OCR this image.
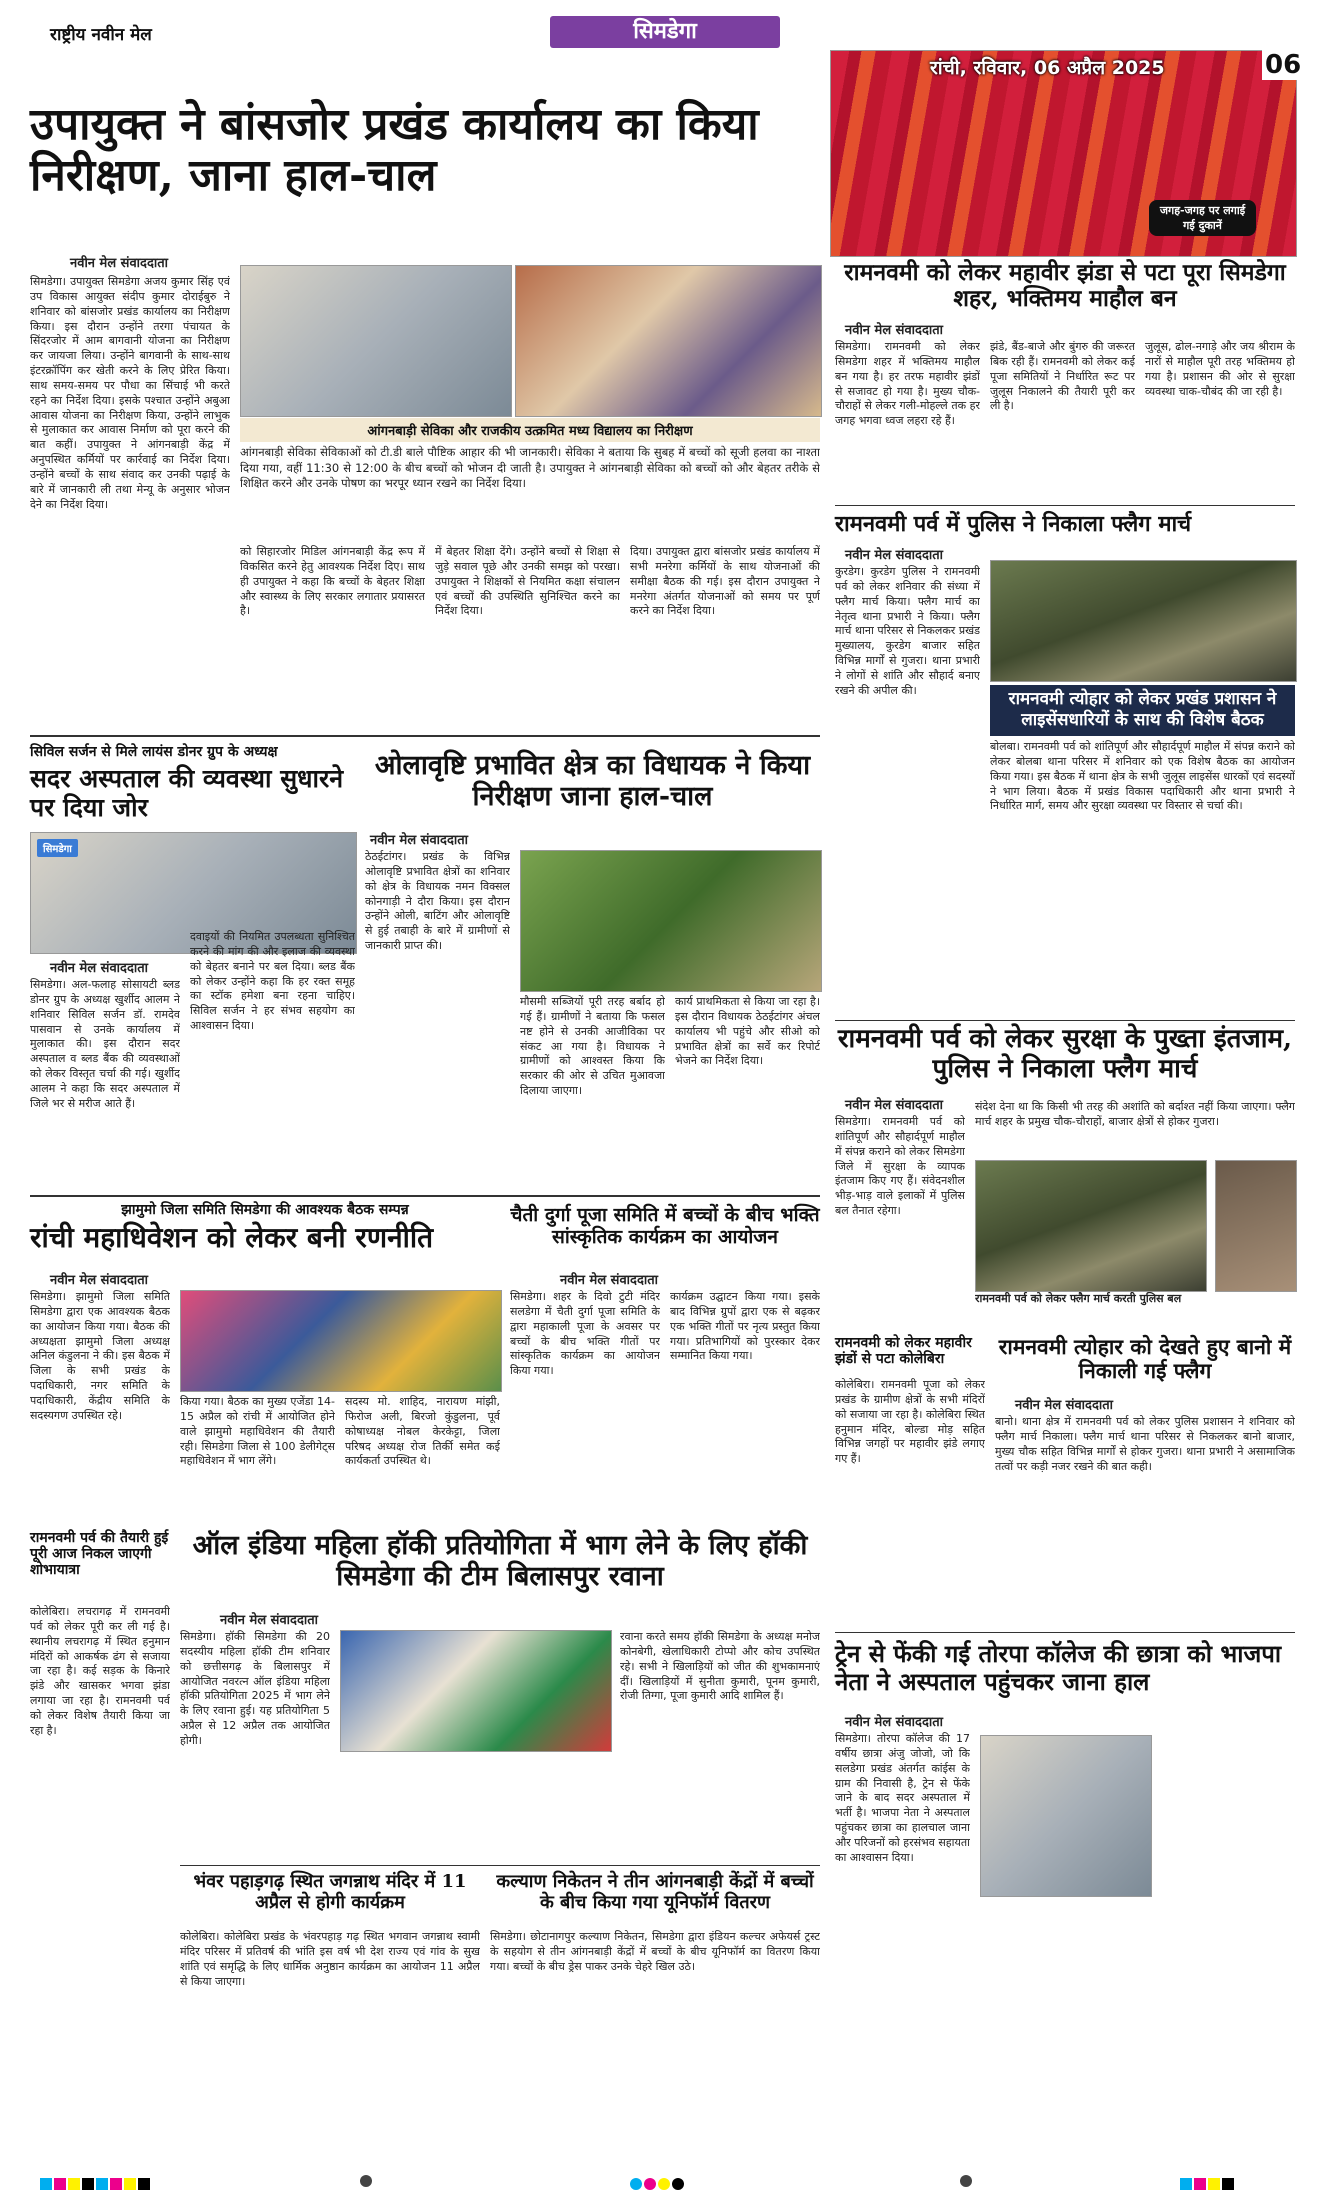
राष्ट्रीय नवीन मेल	सिमडेगा
जगह-जगह पर लगाई गई दुकानें
रांची, रविवार, 06 अप्रैल 2025	06
उपायुक्त ने बांसजोर प्रखंड कार्यालय का किया निरीक्षण, जाना हाल-चाल
नवीन मेल संवाददाता
सिमडेगा। उपायुक्त सिमडेगा अजय कुमार सिंह एवं उप विकास आयुक्त संदीप कुमार दोराईबुरु ने शनिवार को बांसजोर प्रखंड कार्यालय का निरीक्षण किया। इस दौरान उन्होंने तरगा पंचायत के सिंदरजोर में आम बागवानी योजना का निरीक्षण कर जायजा लिया। उन्होंने बागवानी के साथ-साथ इंटरक्रॉपिंग कर खेती करने के लिए प्रेरित किया। साथ समय-समय पर पौधा का सिंचाई भी करते रहने का निर्देश दिया। इसके पश्चात उन्होंने अबुआ आवास योजना का निरीक्षण किया, उन्होंने लाभुक से मुलाकात कर आवास निर्माण को पूरा करने की बात कहीं। उपायुक्त ने आंगनबाड़ी केंद्र में अनुपस्थित कर्मियों पर कार्रवाई का निर्देश दिया। उन्होंने बच्चों के साथ संवाद कर उनकी पढ़ाई के बारे में जानकारी ली तथा मेन्यू के अनुसार भोजन देने का निर्देश दिया।
आंगनबाड़ी सेविका और राजकीय उत्क्रमित मध्य विद्यालय का निरीक्षण
आंगनबाड़ी सेविका सेविकाओं को टी.डी बाले पौष्टिक आहार की भी जानकारी। सेविका ने बताया कि सुबह में बच्चों को सूजी हलवा का नाश्ता दिया गया, वहीं 11:30 से 12:00 के बीच बच्चों को भोजन दी जाती है। उपायुक्त ने आंगनबाड़ी सेविका को बच्चों को और बेहतर तरीके से शिक्षित करने और उनके पोषण का भरपूर ध्यान रखने का निर्देश दिया।
को सिहारजोर मिडिल आंगनबाड़ी केंद्र रूप में विकसित करने हेतु आवश्यक निर्देश दिए। साथ ही उपायुक्त ने कहा कि बच्चों के बेहतर शिक्षा और स्वास्थ्य के लिए सरकार लगातार प्रयासरत है।
में बेहतर शिक्षा देंगे। उन्होंने बच्चों से शिक्षा से जुड़े सवाल पूछे और उनकी समझ को परखा। उपायुक्त ने शिक्षकों से नियमित कक्षा संचालन एवं बच्चों की उपस्थिति सुनिश्चित करने का निर्देश दिया।
दिया। उपायुक्त द्वारा बांसजोर प्रखंड कार्यालय में सभी मनरेगा कर्मियों के साथ योजनाओं की समीक्षा बैठक की गई। इस दौरान उपायुक्त ने मनरेगा अंतर्गत योजनाओं को समय पर पूर्ण करने का निर्देश दिया।
सिविल सर्जन से मिले लायंस डोनर ग्रुप के अध्यक्ष
सदर अस्पताल की व्यवस्था सुधारने पर दिया जोर
सिमडेगा
नवीन मेल संवाददाता
सिमडेगा। अल-फलाह सोसायटी ब्लड डोनर ग्रुप के अध्यक्ष खुर्शीद आलम ने शनिवार सिविल सर्जन डॉ. रामदेव पासवान से उनके कार्यालय में मुलाकात की। इस दौरान सदर अस्पताल व ब्लड बैंक की व्यवस्थाओं को लेकर विस्तृत चर्चा की गई। खुर्शीद आलम ने कहा कि सदर अस्पताल में जिले भर से मरीज आते हैं।
दवाइयों की नियमित उपलब्धता सुनिश्चित करने की मांग की और इलाज की व्यवस्था को बेहतर बनाने पर बल दिया। ब्लड बैंक को लेकर उन्होंने कहा कि हर रक्त समूह का स्टॉक हमेशा बना रहना चाहिए। सिविल सर्जन ने हर संभव सहयोग का आश्वासन दिया।
ओलावृष्टि प्रभावित क्षेत्र का विधायक ने किया निरीक्षण जाना हाल-चाल
नवीन मेल संवाददाता
ठेठईटांगर। प्रखंड के विभिन्न ओलावृष्टि प्रभावित क्षेत्रों का शनिवार को क्षेत्र के विधायक नमन विक्सल कोनगाड़ी ने दौरा किया। इस दौरान उन्होंने ओली, बाटिंग और ओलावृष्टि से हुई तबाही के बारे में ग्रामीणों से जानकारी प्राप्त की।
मौसमी सब्जियों पूरी तरह बर्बाद हो गई हैं। ग्रामीणों ने बताया कि फसल नष्ट होने से उनकी आजीविका पर संकट आ गया है। विधायक ने ग्रामीणों को आश्वस्त किया कि सरकार की ओर से उचित मुआवजा दिलाया जाएगा।
कार्य प्राथमिकता से किया जा रहा है। इस दौरान विधायक ठेठईटांगर अंचल कार्यालय भी पहुंचे और सीओ को प्रभावित क्षेत्रों का सर्वे कर रिपोर्ट भेजने का निर्देश दिया।
झामुमो जिला समिति सिमडेगा की आवश्यक बैठक सम्पन्न
रांची महाधिवेशन को लेकर बनी रणनीति
नवीन मेल संवाददाता
सिमडेगा। झामुमो जिला समिति सिमडेगा द्वारा एक आवश्यक बैठक का आयोजन किया गया। बैठक की अध्यक्षता झामुमो जिला अध्यक्ष अनिल कंडुलना ने की। इस बैठक में जिला के सभी प्रखंड के पदाधिकारी, नगर समिति के पदाधिकारी, केंद्रीय समिति के सदस्यगण उपस्थित रहे।
किया गया। बैठक का मुख्य एजेंडा 14-15 अप्रैल को रांची में आयोजित होने वाले झामुमो महाधिवेशन की तैयारी रही। सिमडेगा जिला से 100 डेलीगेट्स महाधिवेशन में भाग लेंगे।
सदस्य मो. शाहिद, नारायण मांझी, फिरोज अली, बिरजो कुंडुलना, पूर्व कोषाध्यक्ष नोबल केरकेट्टा, जिला परिषद अध्यक्ष रोज तिर्की समेत कई कार्यकर्ता उपस्थित थे।
चैती दुर्गा पूजा समिति में बच्चों के बीच भक्ति सांस्कृतिक कार्यक्रम का आयोजन
नवीन मेल संवाददाता
सिमडेगा। शहर के दिवो टुटी मंदिर सलडेगा में चैती दुर्गा पूजा समिति के द्वारा महाकाली पूजा के अवसर पर बच्चों के बीच भक्ति गीतों पर सांस्कृतिक कार्यक्रम का आयोजन किया गया।
कार्यक्रम उद्घाटन किया गया। इसके बाद विभिन्न ग्रुपों द्वारा एक से बढ़कर एक भक्ति गीतों पर नृत्य प्रस्तुत किया गया। प्रतिभागियों को पुरस्कार देकर सम्मानित किया गया।
रामनवमी पर्व की तैयारी हुई पूरी आज निकल जाएगी शोभायात्रा
कोलेबिरा। लचरागढ़ में रामनवमी पर्व को लेकर पूरी कर ली गई है। स्थानीय लचरागढ़ में स्थित हनुमान मंदिरों को आकर्षक ढंग से सजाया जा रहा है। कई सड़क के किनारे झंडे और खासकर भगवा झंडा लगाया जा रहा है। रामनवमी पर्व को लेकर विशेष तैयारी किया जा रहा है।
ऑल इंडिया महिला हॉकी प्रतियोगिता में भाग लेने के लिए हॉकी सिमडेगा की टीम बिलासपुर रवाना
नवीन मेल संवाददाता
सिमडेगा। हॉकी सिमडेगा की 20 सदस्यीय महिला हॉकी टीम शनिवार को छत्तीसगढ़ के बिलासपुर में आयोजित नवरत्न ऑल इंडिया महिला हॉकी प्रतियोगिता 2025 में भाग लेने के लिए रवाना हुई। यह प्रतियोगिता 5 अप्रैल से 12 अप्रैल तक आयोजित होगी।
रवाना करते समय हॉकी सिमडेगा के अध्यक्ष मनोज कोनबेगी, खेलाधिकारी टोप्पो और कोच उपस्थित रहे। सभी ने खिलाड़ियों को जीत की शुभकामनाएं दीं। खिलाड़ियों में सुनीता कुमारी, पूनम कुमारी, रोजी तिग्गा, पूजा कुमारी आदि शामिल हैं।
भंवर पहाड़गढ़ स्थित जगन्नाथ मंदिर में 11 अप्रैल से होगी कार्यक्रम
कोलेबिरा। कोलेबिरा प्रखंड के भंवरपहाड़ गढ़ स्थित भगवान जगन्नाथ स्वामी मंदिर परिसर में प्रतिवर्ष की भांति इस वर्ष भी देश राज्य एवं गांव के सुख शांति एवं समृद्धि के लिए धार्मिक अनुष्ठान कार्यक्रम का आयोजन 11 अप्रैल से किया जाएगा।
कल्याण निकेतन ने तीन आंगनबाड़ी केंद्रों में बच्चों के बीच किया गया यूनिफॉर्म वितरण
सिमडेगा। छोटानागपुर कल्याण निकेतन, सिमडेगा द्वारा इंडियन कल्चर अफेयर्स ट्रस्ट के सहयोग से तीन आंगनबाड़ी केंद्रों में बच्चों के बीच यूनिफॉर्म का वितरण किया गया। बच्चों के बीच ड्रेस पाकर उनके चेहरे खिल उठे।
रामनवमी को लेकर महावीर झंडा से पटा पूरा सिमडेगा शहर, भक्तिमय माहौल बन
नवीन मेल संवाददाता
सिमडेगा। रामनवमी को लेकर सिमडेगा शहर में भक्तिमय माहौल बन गया है। हर तरफ महावीर झंडों से सजावट हो गया है। मुख्य चौक-चौराहों से लेकर गली-मोहल्ले तक हर जगह भगवा ध्वज लहरा रहे हैं।
झंडे, बैंड-बाजे और बुंगरु की जरूरत बिक रही हैं। रामनवमी को लेकर कई पूजा समितियों ने निर्धारित रूट पर जुलूस निकालने की तैयारी पूरी कर ली है।
जुलूस, ढोल-नगाड़े और जय श्रीराम के नारों से माहौल पूरी तरह भक्तिमय हो गया है। प्रशासन की ओर से सुरक्षा व्यवस्था चाक-चौबंद की जा रही है।
रामनवमी पर्व में पुलिस ने निकाला फ्लैग मार्च
नवीन मेल संवाददाता
कुरडेग। कुरडेग पुलिस ने रामनवमी पर्व को लेकर शनिवार की संध्या में फ्लैग मार्च किया। फ्लैग मार्च का नेतृत्व थाना प्रभारी ने किया। फ्लैग मार्च थाना परिसर से निकलकर प्रखंड मुख्यालय, कुरडेग बाजार सहित विभिन्न मार्गों से गुजरा। थाना प्रभारी ने लोगों से शांति और सौहार्द बनाए रखने की अपील की।	रामनवमी त्योहार को लेकर प्रखंड प्रशासन ने लाइसेंसधारियों के साथ की विशेष बैठक
बोलबा। रामनवमी पर्व को शांतिपूर्ण और सौहार्दपूर्ण माहौल में संपन्न कराने को लेकर बोलबा थाना परिसर में शनिवार को एक विशेष बैठक का आयोजन किया गया। इस बैठक में थाना क्षेत्र के सभी जुलूस लाइसेंस धारकों एवं सदस्यों ने भाग लिया। बैठक में प्रखंड विकास पदाधिकारी और थाना प्रभारी ने निर्धारित मार्ग, समय और सुरक्षा व्यवस्था पर विस्तार से चर्चा की।
रामनवमी पर्व को लेकर सुरक्षा के पुख्ता इंतजाम, पुलिस ने निकाला फ्लैग मार्च
नवीन मेल संवाददाता
सिमडेगा। रामनवमी पर्व को शांतिपूर्ण और सौहार्दपूर्ण माहौल में संपन्न कराने को लेकर सिमडेगा जिले में सुरक्षा के व्यापक इंतजाम किए गए हैं। संवेदनशील भीड़-भाड़ वाले इलाकों में पुलिस बल तैनात रहेगा।
संदेश देना था कि किसी भी तरह की अशांति को बर्दाश्त नहीं किया जाएगा। फ्लैग मार्च शहर के प्रमुख चौक-चौराहों, बाजार क्षेत्रों से होकर गुजरा।
रामनवमी पर्व को लेकर फ्लैग मार्च करती पुलिस बल
रामनवमी को लेकर महावीर झंडों से पटा कोलेबिरा
कोलेबिरा। रामनवमी पूजा को लेकर प्रखंड के ग्रामीण क्षेत्रों के सभी मंदिरों को सजाया जा रहा है। कोलेबिरा स्थित हनुमान मंदिर, बोल्डा मोड़ सहित विभिन्न जगहों पर महावीर झंडे लगाए गए हैं।
रामनवमी त्योहार को देखते हुए बानो में निकाली गई फ्लैग
नवीन मेल संवाददाता
बानो। थाना क्षेत्र में रामनवमी पर्व को लेकर पुलिस प्रशासन ने शनिवार को फ्लैग मार्च निकाला। फ्लैग मार्च थाना परिसर से निकलकर बानो बाजार, मुख्य चौक सहित विभिन्न मार्गों से होकर गुजरा। थाना प्रभारी ने असामाजिक तत्वों पर कड़ी नजर रखने की बात कही।
ट्रेन से फेंकी गई तोरपा कॉलेज की छात्रा को भाजपा नेता ने अस्पताल पहुंचकर जाना हाल
नवीन मेल संवाददाता
सिमडेगा। तोरपा कॉलेज की 17 वर्षीय छात्रा अंजु जोजो, जो कि सलडेगा प्रखंड अंतर्गत कांईस के ग्राम की निवासी है, ट्रेन से फेंके जाने के बाद सदर अस्पताल में भर्ती है। भाजपा नेता ने अस्पताल पहुंचकर छात्रा का हालचाल जाना और परिजनों को हरसंभव सहायता का आश्वासन दिया।
